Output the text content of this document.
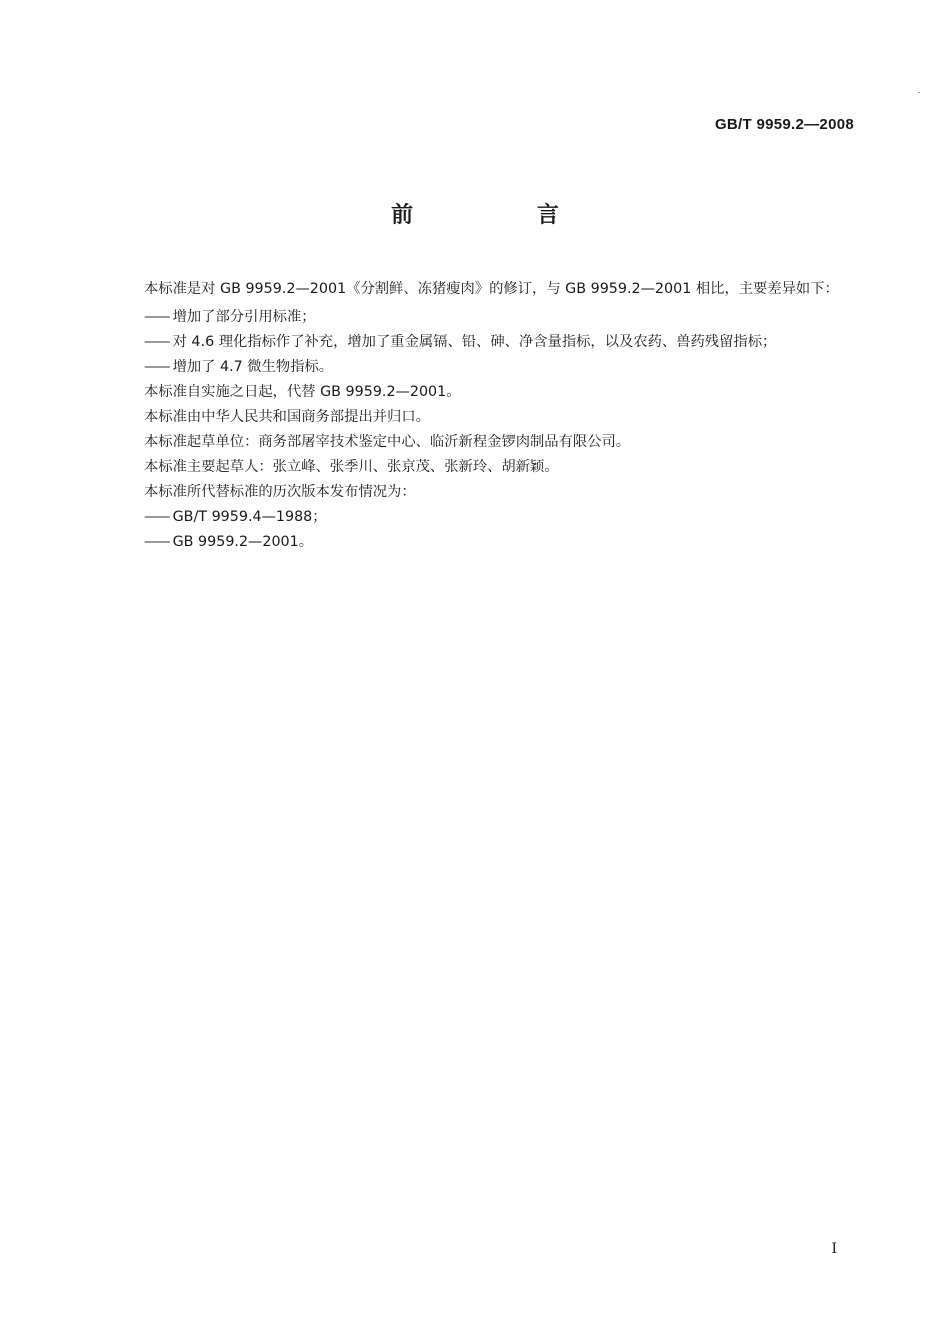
GB/T 9959.2—2008
前 言

本标准是对 GB 9959.2—2001《分割鲜、冻猪瘦肉》的修订，与 GB 9959.2—2001 相比，主要差异如下：

—— 增加了部分引用标准；
—— 对 4.6 理化指标作了补充，增加了重金属镉、铅、砷、净含量指标，以及农药、兽药残留指标；
—— 增加了 4.7 微生物指标。
本标准自实施之日起，代替 GB 9959.2—2001。
本标准由中华人民共和国商务部提出并归口。
本标准起草单位：商务部屠宰技术鉴定中心、临沂新程金锣肉制品有限公司。
本标准主要起草人：张立峰、张季川、张京茂、张新玲、胡新颖。
本标准所代替标准的历次版本发布情况为：
—— GB/T 9959.4—1988；
—— GB 9959.2—2001。
I
